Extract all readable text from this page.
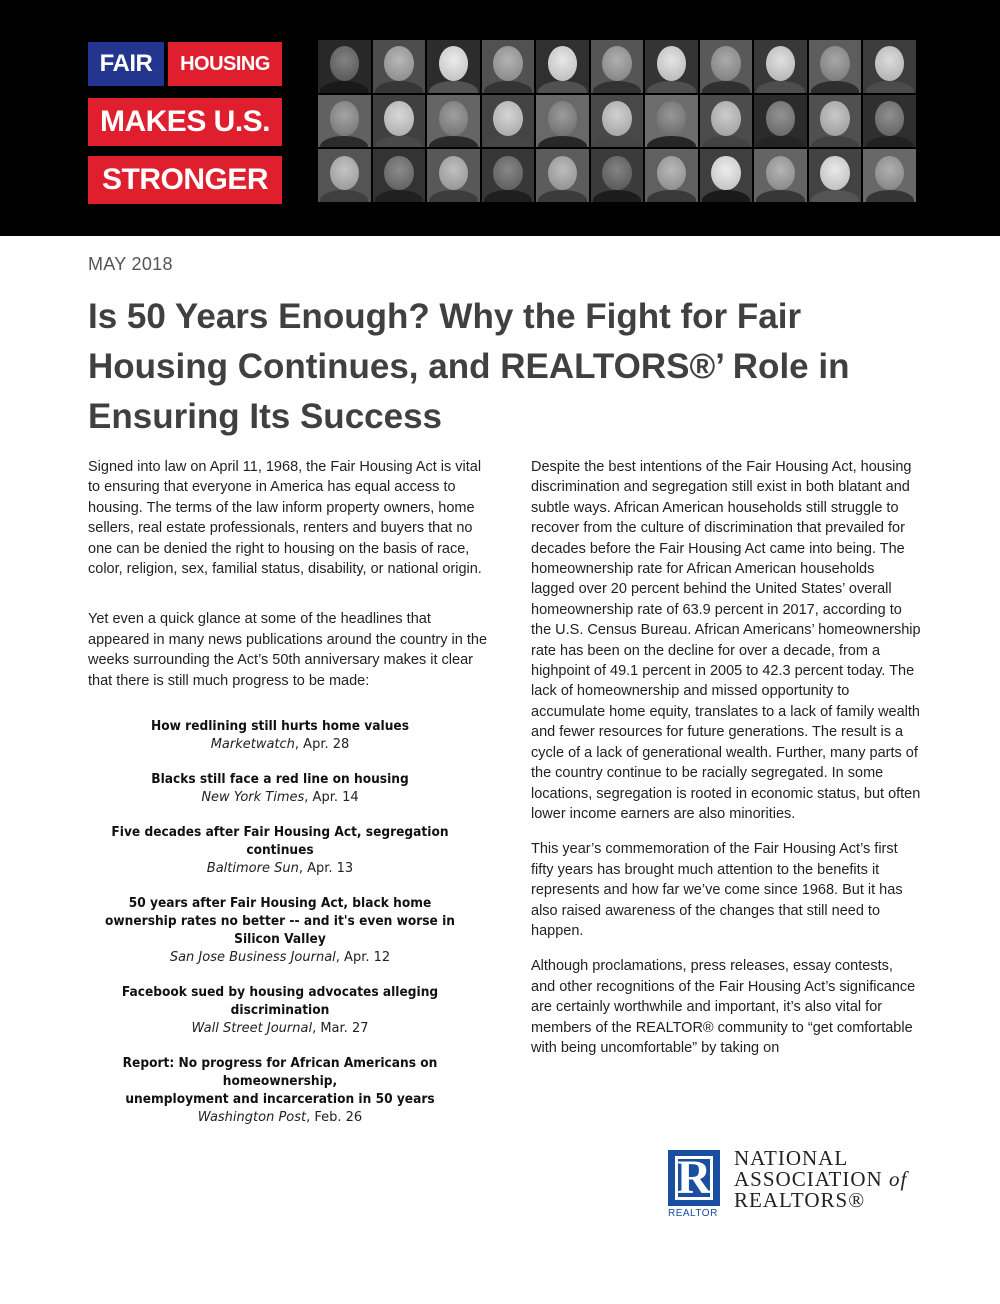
FAIR	HOUSING
MAKES U.S.
STRONGER
MAY 2018
Is 50 Years Enough? Why the Fight for Fair Housing Continues, and REALTORS®’ Role in Ensuring Its Success

Signed into law on April 11, 1968, the Fair Housing Act is vital to ensuring that everyone in America has equal access to housing. The terms of the law inform property owners, home sellers, real estate professionals, renters and buyers that no one can be denied the right to housing on the basis of race, color, religion, sex, familial status, disability, or national origin.

Yet even a quick glance at some of the headlines that appeared in many news publications around the country in the weeks surrounding the Act’s 50th anniversary makes it clear that there is still much progress to be made:

How redlining still hurts home values
Marketwatch, Apr. 28
Blacks still face a red line on housing
New York Times, Apr. 14
Five decades after Fair Housing Act, segregation continues
Baltimore Sun, Apr. 13
50 years after Fair Housing Act, black home ownership rates no better -- and it's even worse in Silicon Valley
San Jose Business Journal, Apr. 12
Facebook sued by housing advocates alleging discrimination
Wall Street Journal, Mar. 27
Report: No progress for African Americans on homeownership,
unemployment and incarceration in 50 years
Washington Post, Feb. 26

Despite the best intentions of the Fair Housing Act, housing discrimination and segregation still exist in both blatant and subtle ways. African American households still struggle to recover from the culture of discrimination that prevailed for decades before the Fair Housing Act came into being. The homeownership rate for African American households lagged over 20 percent behind the United States’ overall homeownership rate of 63.9 percent in 2017, according to the U.S. Census Bureau. African Americans’ homeownership rate has been on the decline for over a decade, from a highpoint of 49.1 percent in 2005 to 42.3 percent today. The lack of homeownership and missed opportunity to accumulate home equity, translates to a lack of family wealth and fewer resources for future generations. The result is a cycle of a lack of generational wealth. Further, many parts of the country continue to be racially segregated. In some locations, segregation is rooted in economic status, but often lower income earners are also minorities.

This year’s commemoration of the Fair Housing Act’s first fifty years has brought much attention to the benefits it represents and how far we’ve come since 1968. But it has also raised awareness of the changes that still need to happen.

Although proclamations, press releases, essay contests, and other recognitions of the Fair Housing Act’s significance are certainly worthwhile and important, it’s also vital for members of the REALTOR® community to “get comfortable with being uncomfortable” by taking on

R
REALTOR
NATIONAL
ASSOCIATION of
REALTORS®
